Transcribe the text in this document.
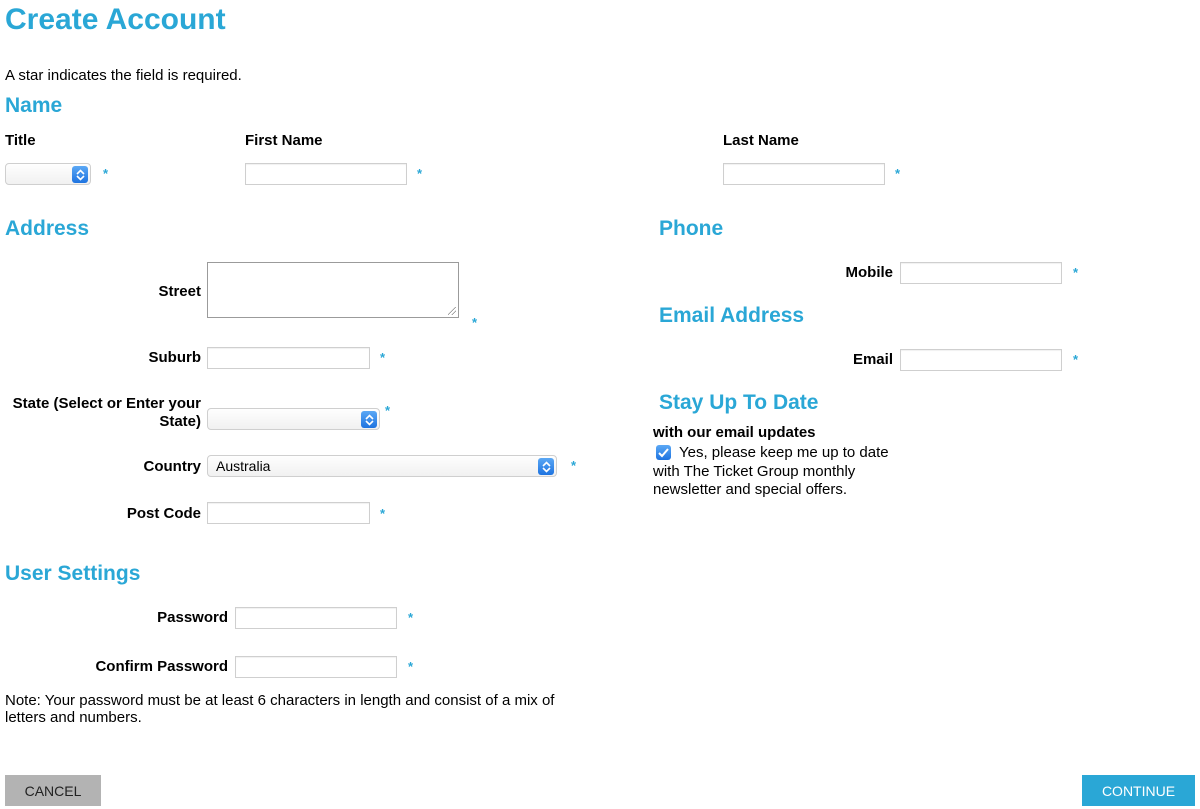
Create Account
A star indicates the field is required.
Name
Title
*
First Name
*
Last Name
*
Address
Street
*
Suburb	*
State (Select or Enter your
State)
*
Country Australia	*
Post Code	*
User Settings
Password	*
Confirm Password	*
Note: Your password must be at least 6 characters in length and consist of a mix of
letters and numbers.
Phone
Mobile	*
Email Address
Email	*
Stay Up To Date
with our email updates
Yes, please keep me up to date
with The Ticket Group monthly
newsletter and special offers.
CANCEL	CONTINUE
